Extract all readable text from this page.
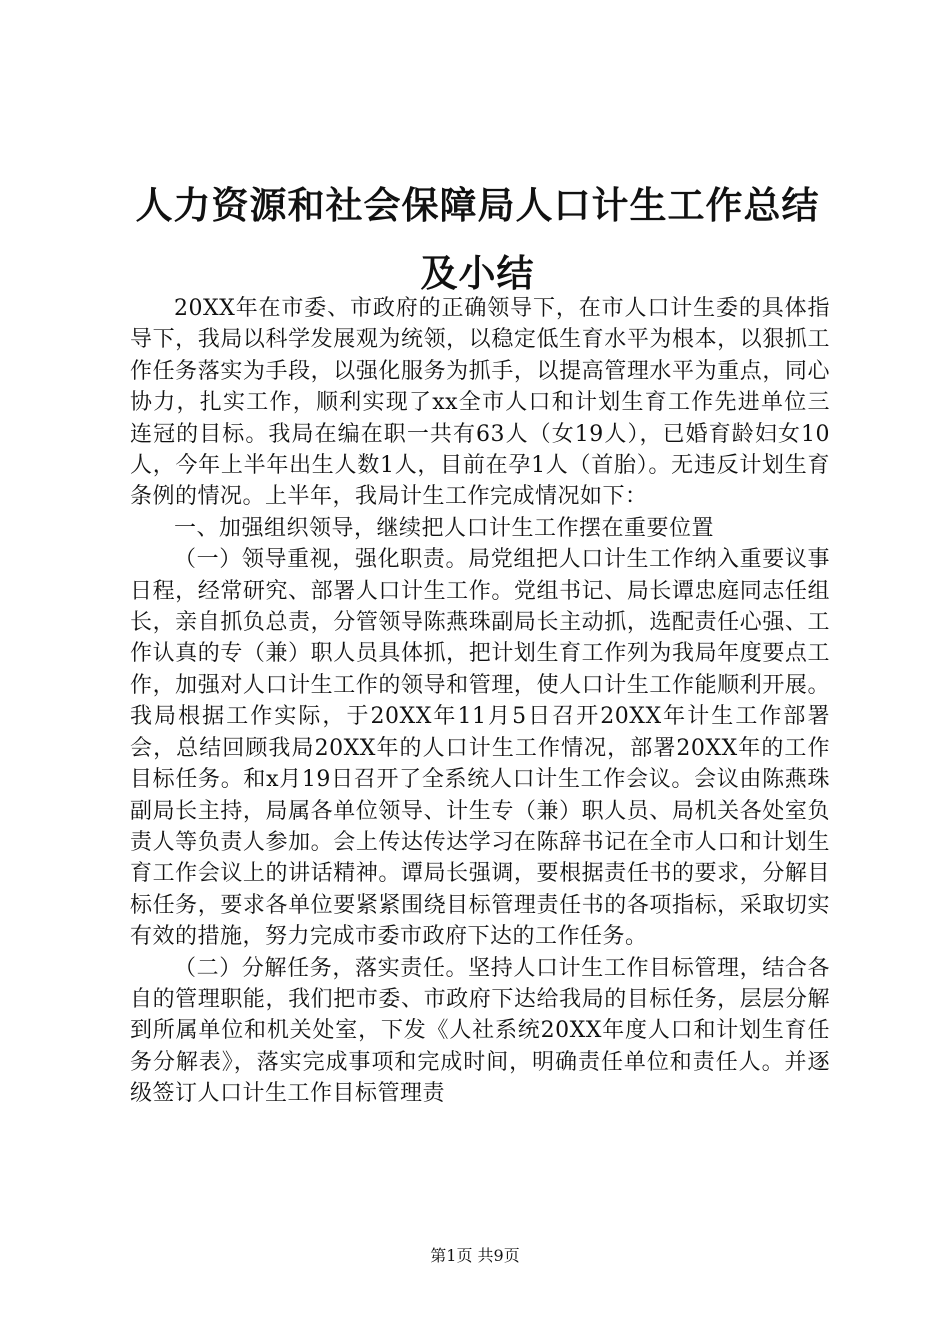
人力资源和社会保障局人口计生工作总结及小结

20XX年在市委、市政府的正确领导下，在市人口计生委的具体指导下，我局以科学发展观为统领，以稳定低生育水平为根本，以狠抓工作任务落实为手段，以强化服务为抓手，以提高管理水平为重点，同心协力，扎实工作，顺利实现了xx全市人口和计划生育工作先进单位三连冠的目标。我局在编在职一共有63人（女19人），已婚育龄妇女10人，今年上半年出生人数1人，目前在孕1人（首胎）。无违反计划生育条例的情况。上半年，我局计生工作完成情况如下：

一、加强组织领导，继续把人口计生工作摆在重要位置

（一）领导重视，强化职责。局党组把人口计生工作纳入重要议事日程，经常研究、部署人口计生工作。党组书记、局长谭忠庭同志任组长，亲自抓负总责，分管领导陈燕珠副局长主动抓，选配责任心强、工作认真的专（兼）职人员具体抓，把计划生育工作列为我局年度要点工作，加强对人口计生工作的领导和管理，使人口计生工作能顺利开展。我局根据工作实际，于20XX年11月5日召开20XX年计生工作部署会，总结回顾我局20XX年的人口计生工作情况，部署20XX年的工作目标任务。和x月19日召开了全系统人口计生工作会议。会议由陈燕珠副局长主持，局属各单位领导、计生专（兼）职人员、局机关各处室负责人等负责人参加。会上传达传达学习在陈辞书记在全市人口和计划生育工作会议上的讲话精神。谭局长强调，要根据责任书的要求，分解目标任务，要求各单位要紧紧围绕目标管理责任书的各项指标，采取切实有效的措施，努力完成市委市政府下达的工作任务。

（二）分解任务，落实责任。坚持人口计生工作目标管理，结合各自的管理职能，我们把市委、市政府下达给我局的目标任务，层层分解到所属单位和机关处室，下发《人社系统20XX年度人口和计划生育任务分解表》，落实完成事项和完成时间，明确责任单位和责任人。并逐级签订人口计生工作目标管理责

第1页 共9页
